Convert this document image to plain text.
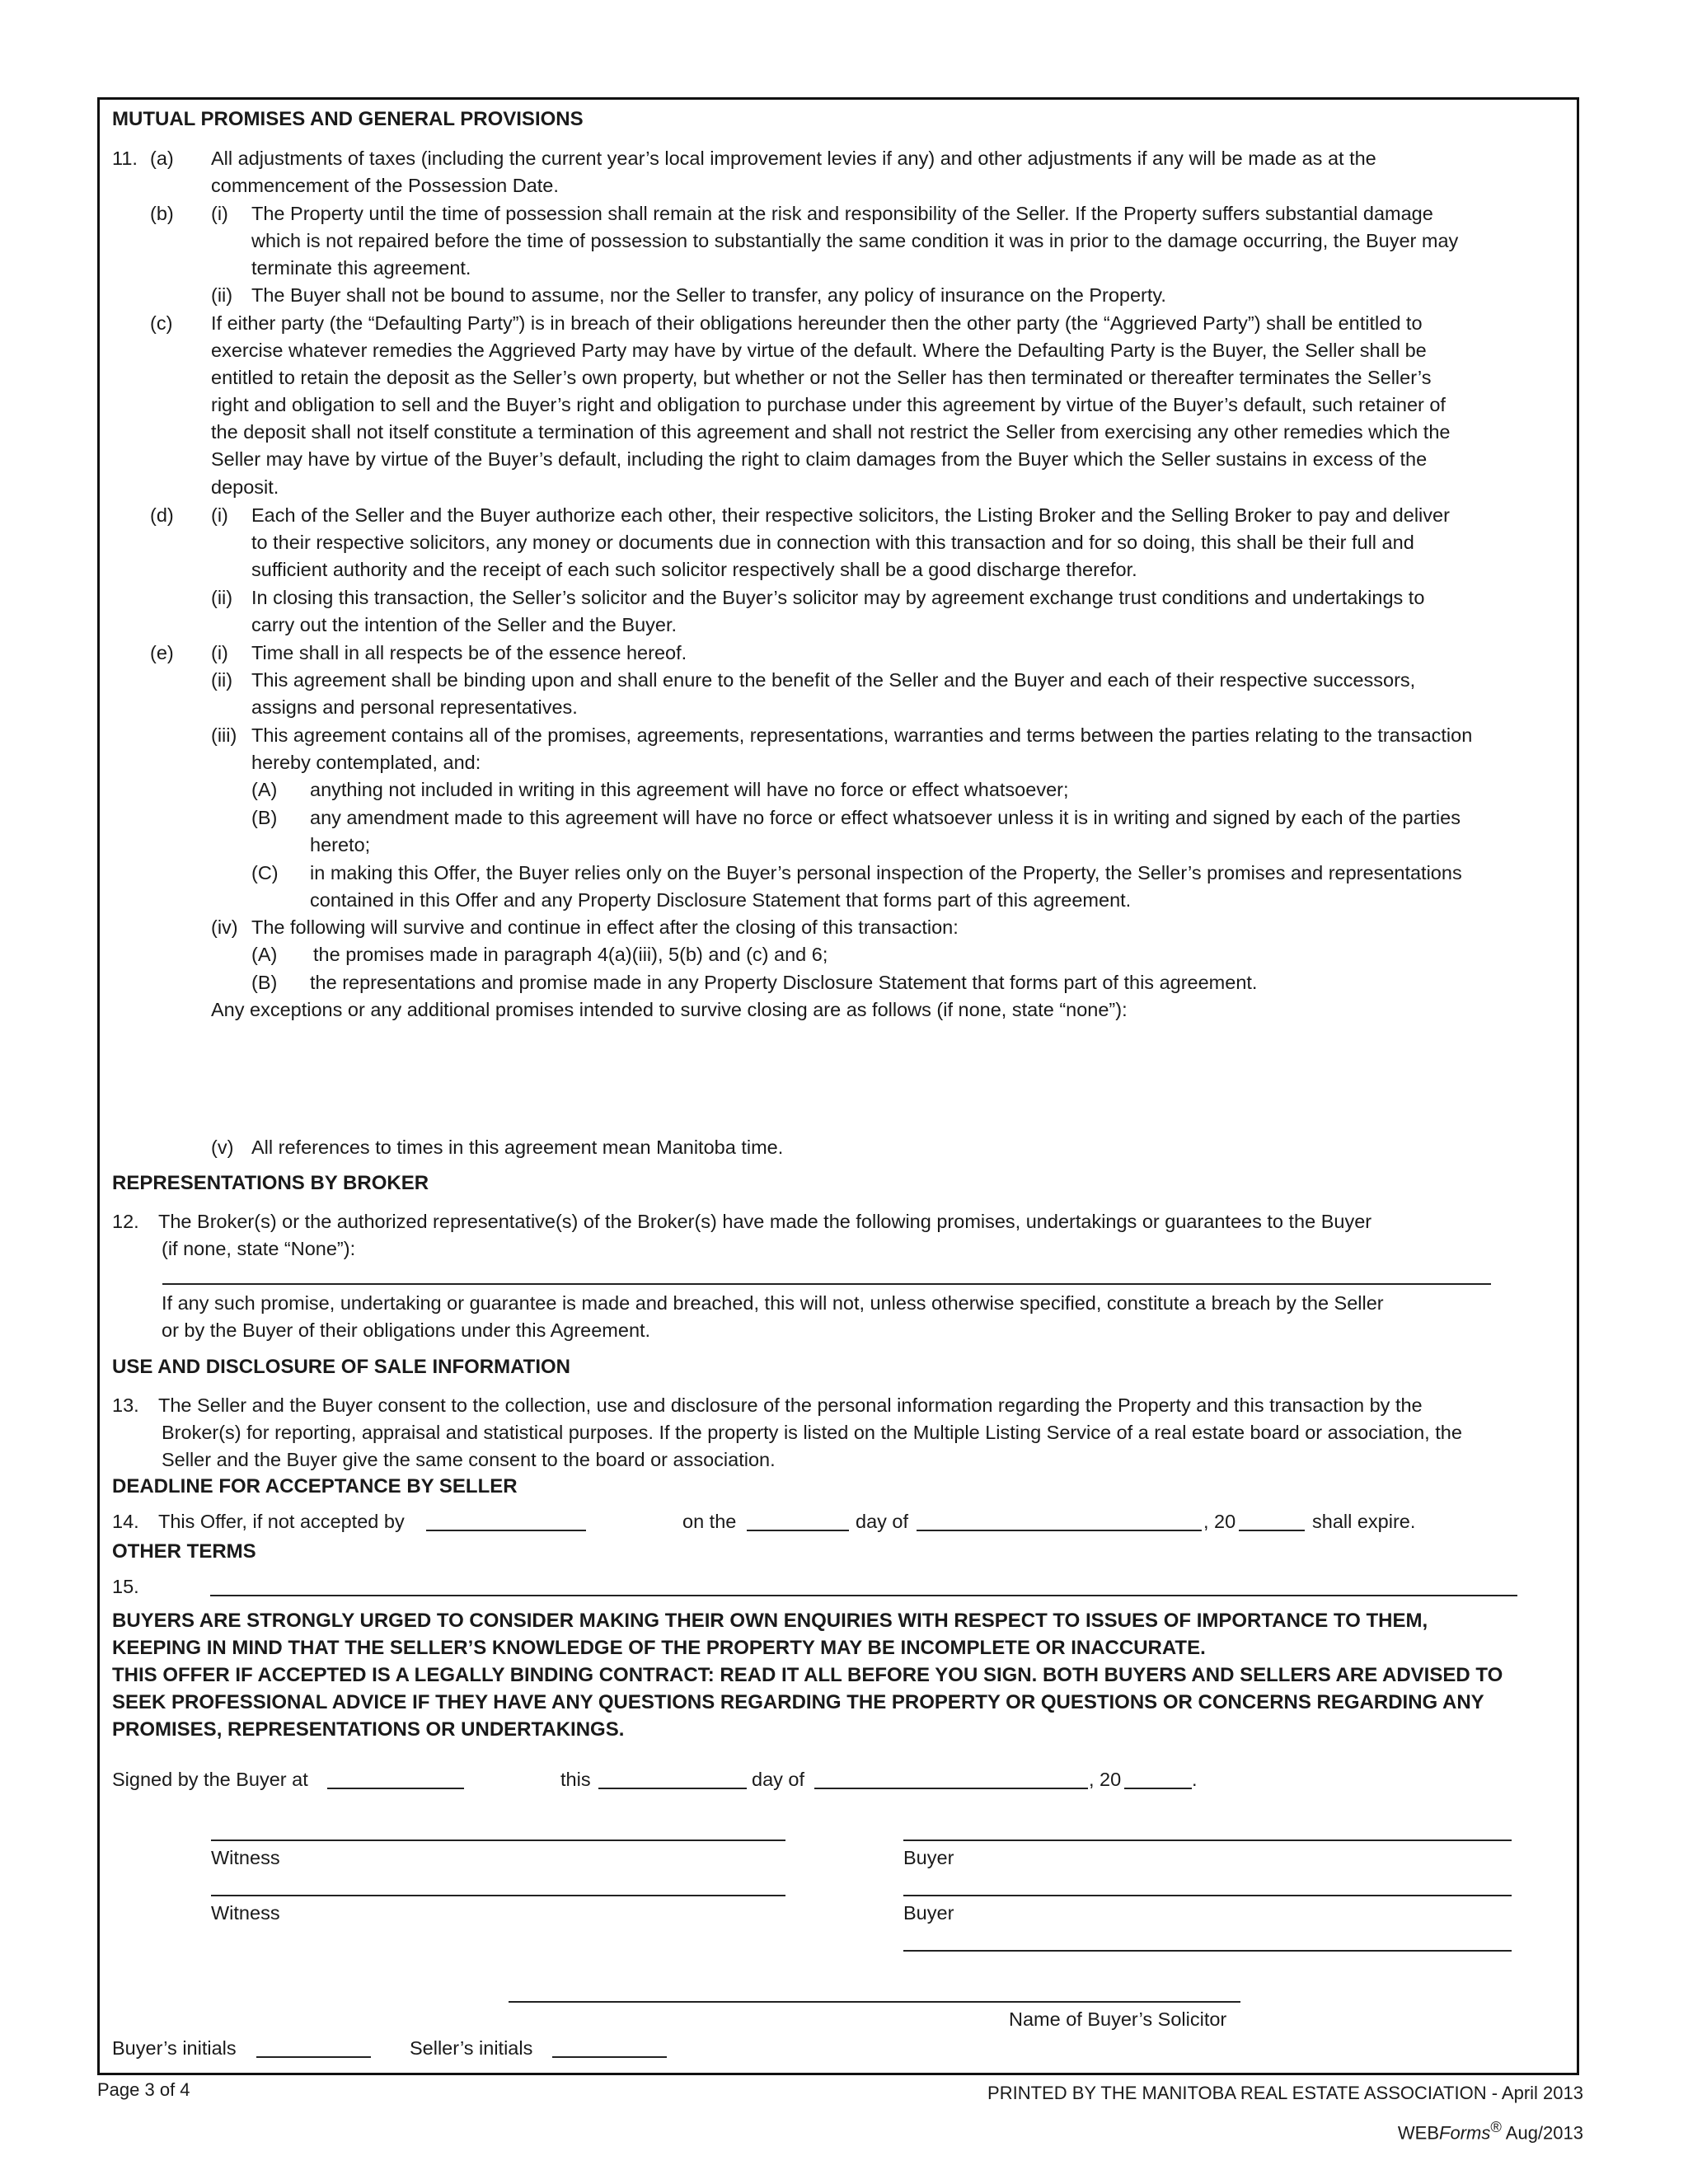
MUTUAL PROMISES AND GENERAL PROVISIONS
11. (a) All adjustments of taxes (including the current year’s local improvement levies if any) and other adjustments if any will be made as at the
commencement of the Possession Date.
(b) (i) The Property until the time of possession shall remain at the risk and responsibility of the Seller. If the Property suffers substantial damage
which is not repaired before the time of possession to substantially the same condition it was in prior to the damage occurring, the Buyer may
terminate this agreement.
(ii) The Buyer shall not be bound to assume, nor the Seller to transfer, any policy of insurance on the Property.
(c) If either party (the “Defaulting Party”) is in breach of their obligations hereunder then the other party (the “Aggrieved Party”) shall be entitled to
exercise whatever remedies the Aggrieved Party may have by virtue of the default. Where the Defaulting Party is the Buyer, the Seller shall be
entitled to retain the deposit as the Seller’s own property, but whether or not the Seller has then terminated or thereafter terminates the Seller’s
right and obligation to sell and the Buyer’s right and obligation to purchase under this agreement by virtue of the Buyer’s default, such retainer of
the deposit shall not itself constitute a termination of this agreement and shall not restrict the Seller from exercising any other remedies which the
Seller may have by virtue of the Buyer’s default, including the right to claim damages from the Buyer which the Seller sustains in excess of the
deposit.
(d) (i) Each of the Seller and the Buyer authorize each other, their respective solicitors, the Listing Broker and the Selling Broker to pay and deliver
to their respective solicitors, any money or documents due in connection with this transaction and for so doing, this shall be their full and
sufficient authority and the receipt of each such solicitor respectively shall be a good discharge therefor.
(ii) In closing this transaction, the Seller’s solicitor and the Buyer’s solicitor may by agreement exchange trust conditions and undertakings to
carry out the intention of the Seller and the Buyer.
(e) (i) Time shall in all respects be of the essence hereof.
(ii) This agreement shall be binding upon and shall enure to the benefit of the Seller and the Buyer and each of their respective successors,
assigns and personal representatives.
(iii) This agreement contains all of the promises, agreements, representations, warranties and terms between the parties relating to the transaction
hereby contemplated, and:
(A) anything not included in writing in this agreement will have no force or effect whatsoever;
(B) any amendment made to this agreement will have no force or effect whatsoever unless it is in writing and signed by each of the parties
hereto;
(C) in making this Offer, the Buyer relies only on the Buyer’s personal inspection of the Property, the Seller’s promises and representations
contained in this Offer and any Property Disclosure Statement that forms part of this agreement.
(iv) The following will survive and continue in effect after the closing of this transaction:
(A) the promises made in paragraph 4(a)(iii), 5(b) and (c) and 6;
(B) the representations and promise made in any Property Disclosure Statement that forms part of this agreement.
Any exceptions or any additional promises intended to survive closing are as follows (if none, state “none”):
(v) All references to times in this agreement mean Manitoba time.
REPRESENTATIONS BY BROKER
12. The Broker(s) or the authorized representative(s) of the Broker(s) have made the following promises, undertakings or guarantees to the Buyer
(if none, state “None”):
If any such promise, undertaking or guarantee is made and breached, this will not, unless otherwise specified, constitute a breach by the Seller
or by the Buyer of their obligations under this Agreement.
USE AND DISCLOSURE OF SALE INFORMATION
13. The Seller and the Buyer consent to the collection, use and disclosure of the personal information regarding the Property and this transaction by the
Broker(s) for reporting, appraisal and statistical purposes. If the property is listed on the Multiple Listing Service of a real estate board or association, the
Seller and the Buyer give the same consent to the board or association.
DEADLINE FOR ACCEPTANCE BY SELLER
14. This Offer, if not accepted by	on the	day of	, 20	shall expire.
OTHER TERMS
15.
BUYERS ARE STRONGLY URGED TO CONSIDER MAKING THEIR OWN ENQUIRIES WITH RESPECT TO ISSUES OF IMPORTANCE TO THEM,
KEEPING IN MIND THAT THE SELLER’S KNOWLEDGE OF THE PROPERTY MAY BE INCOMPLETE OR INACCURATE.
THIS OFFER IF ACCEPTED IS A LEGALLY BINDING CONTRACT: READ IT ALL BEFORE YOU SIGN. BOTH BUYERS AND SELLERS ARE ADVISED TO
SEEK PROFESSIONAL ADVICE IF THEY HAVE ANY QUESTIONS REGARDING THE PROPERTY OR QUESTIONS OR CONCERNS REGARDING ANY
PROMISES, REPRESENTATIONS OR UNDERTAKINGS.
Signed by the Buyer at	this	day of	, 20	.
Witness	Buyer
Witness	Buyer
Name of Buyer’s Solicitor
Buyer’s initials	Seller’s initials
Page 3 of 4	PRINTED BY THE MANITOBA REAL ESTATE ASSOCIATION - April 2013
WEBForms® Aug/2013
